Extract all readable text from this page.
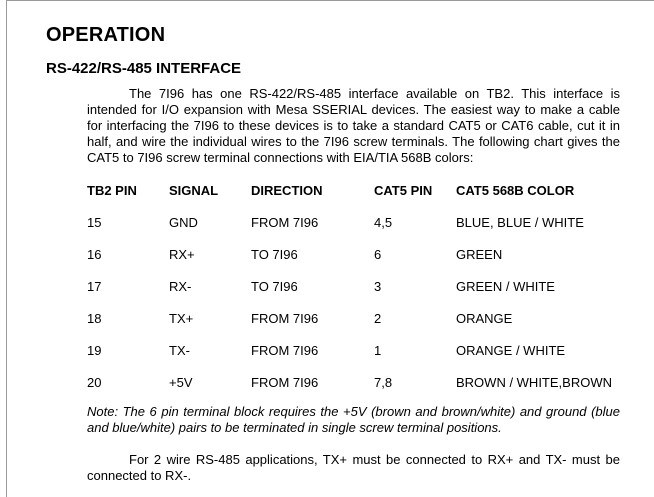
OPERATION
RS-422/RS-485 INTERFACE
The 7I96 has one RS-422/RS-485 interface available on TB2. This interface is intended for I/O expansion with Mesa SSERIAL devices. The easiest way to make a cable for interfacing the 7I96 to these devices is to take a standard CAT5 or CAT6 cable, cut it in half, and wire the individual wires to the 7I96 screw terminals. The following chart gives the CAT5 to 7I96 screw terminal connections with EIA/TIA 568B colors:
TB2 PIN	SIGNAL	DIRECTION	CAT5 PIN	CAT5 568B COLOR
15	GND	FROM 7I96	4,5	BLUE, BLUE / WHITE
16	RX+	TO 7I96	6	GREEN
17	RX-	TO 7I96	3	GREEN / WHITE
18	TX+	FROM 7I96	2	ORANGE
19	TX-	FROM 7I96	1	ORANGE / WHITE
20	+5V	FROM 7I96	7,8	BROWN / WHITE,BROWN
Note: The 6 pin terminal block requires the +5V (brown and brown/white) and ground (blue and blue/white) pairs to be terminated in single screw terminal positions.
For 2 wire RS-485 applications, TX+ must be connected to RX+ and TX- must be connected to RX-.
